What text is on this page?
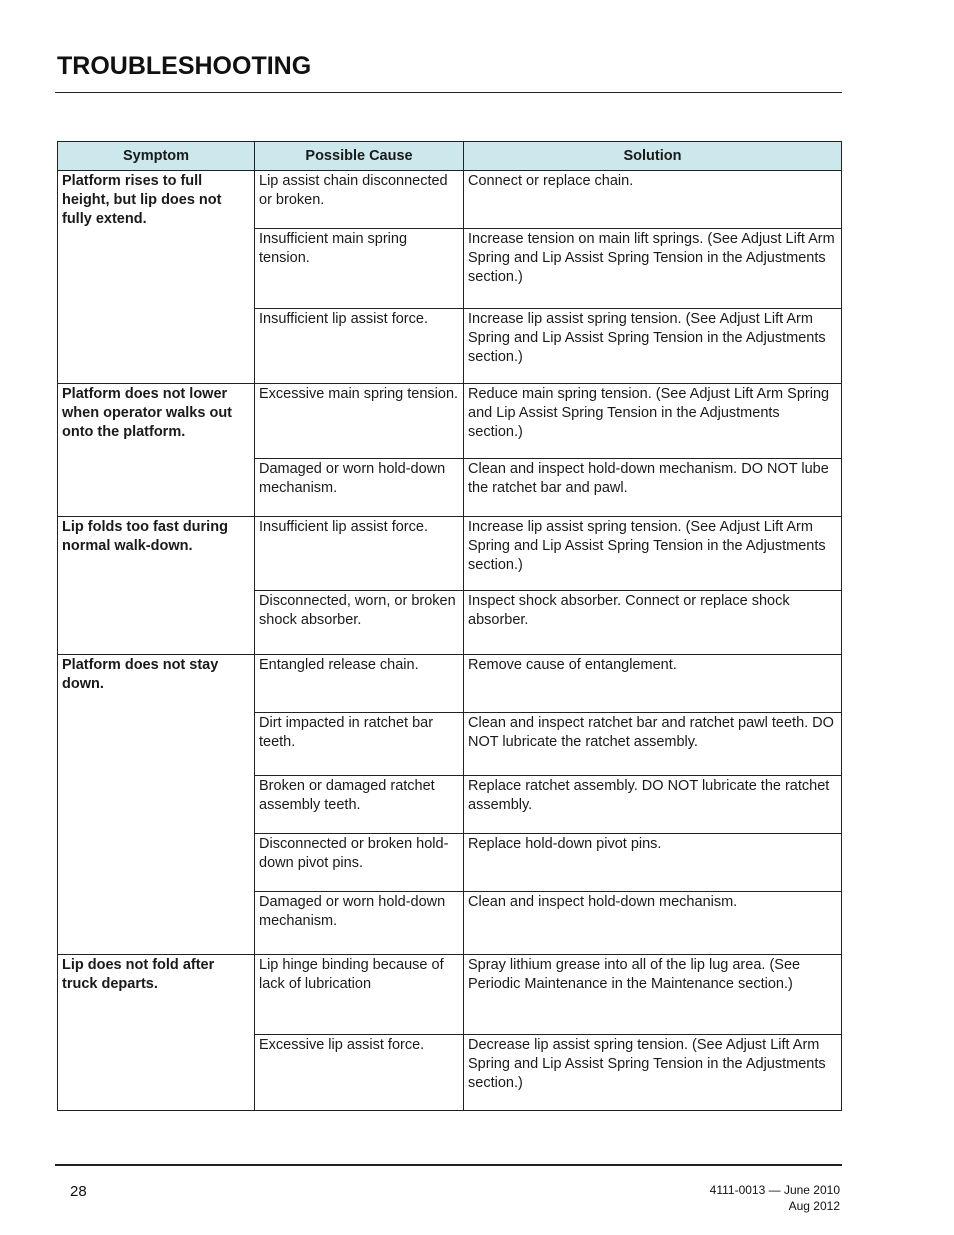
TROUBLESHOOTING
Symptom	Possible Cause	Solution
Platform rises to full height, but lip does not fully extend.	Lip assist chain disconnected or broken.	Connect or replace chain.
	Insufficient main spring tension.	Increase tension on main lift springs. (See Adjust Lift Arm Spring and Lip Assist Spring Tension in the Adjustments section.)
	Insufficient lip assist force.	Increase lip assist spring tension. (See Adjust Lift Arm Spring and Lip Assist Spring Tension in the Adjustments section.)
Platform does not lower when operator walks out onto the platform.	Excessive main spring tension.	Reduce main spring tension. (See Adjust Lift Arm Spring and Lip Assist Spring Tension in the Adjustments section.)
	Damaged or worn hold-down mechanism.	Clean and inspect hold-down mechanism. DO NOT lube the ratchet bar and pawl.
Lip folds too fast during normal walk-down.	Insufficient lip assist force.	Increase lip assist spring tension. (See Adjust Lift Arm Spring and Lip Assist Spring Tension in the Adjustments section.)
	Disconnected, worn, or broken shock absorber.	Inspect shock absorber. Connect or replace shock absorber.
Platform does not stay down.	Entangled release chain.	Remove cause of entanglement.
	Dirt impacted in ratchet bar teeth.	Clean and inspect ratchet bar and ratchet pawl teeth. DO NOT lubricate the ratchet assembly.
	Broken or damaged ratchet assembly teeth.	Replace ratchet assembly. DO NOT lubricate the ratchet assembly.
	Disconnected or broken hold-down pivot pins.	Replace hold-down pivot pins.
	Damaged or worn hold-down mechanism.	Clean and inspect hold-down mechanism.
Lip does not fold after truck departs.	Lip hinge binding because of lack of lubrication	Spray lithium grease into all of the lip lug area. (See Periodic Maintenance in the Maintenance section.)
	Excessive lip assist force.	Decrease lip assist spring tension. (See Adjust Lift Arm Spring and Lip Assist Spring Tension in the Adjustments section.)
28	4111-0013 — June 2010
Aug 2012
